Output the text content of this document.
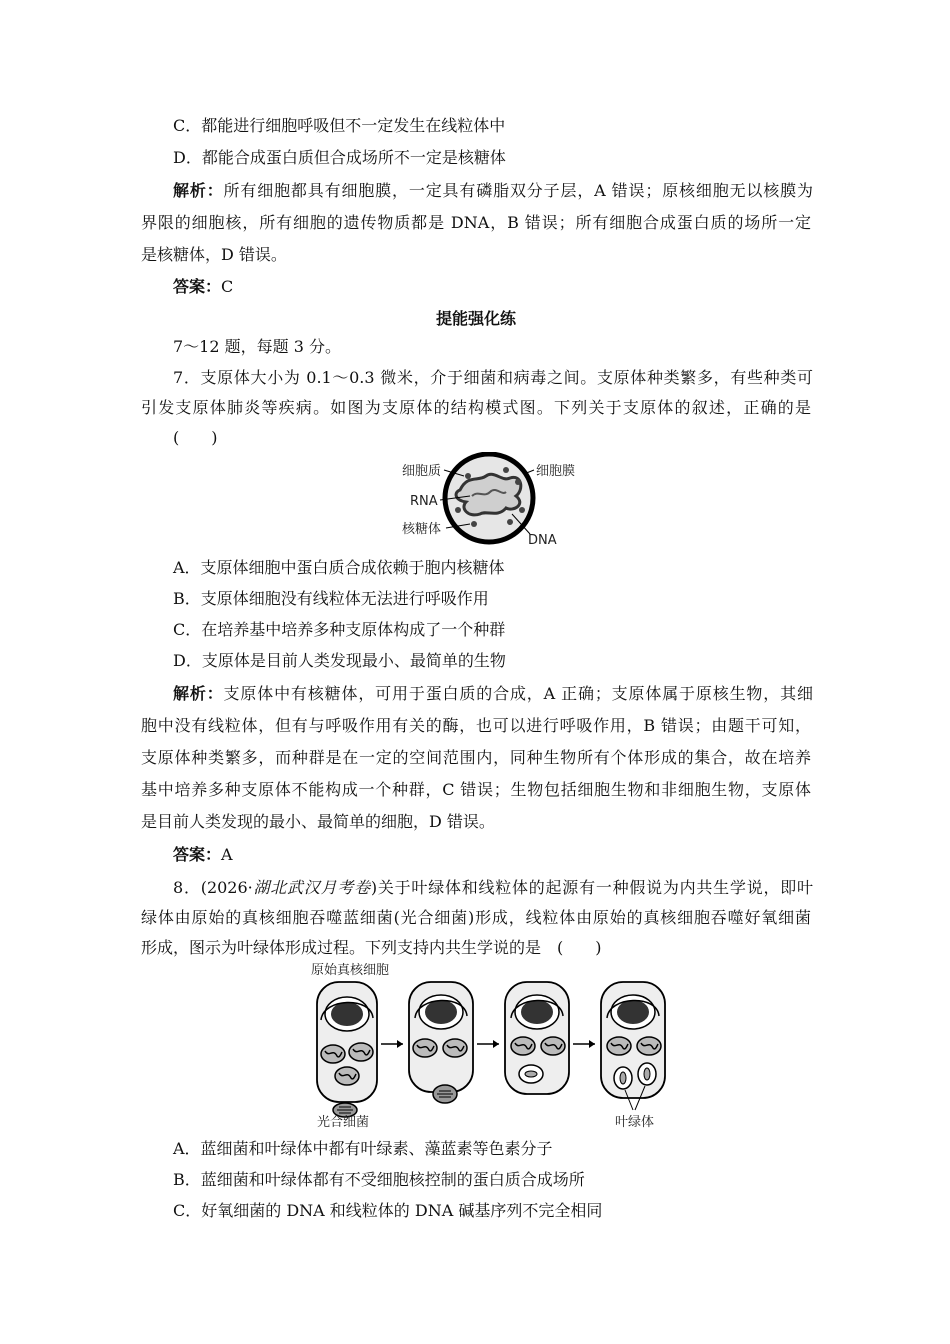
C．都能进行细胞呼吸但不一定发生在线粒体中
D．都能合成蛋白质但合成场所不一定是核糖体
解析：所有细胞都具有细胞膜，一定具有磷脂双分子层，A 错误；原核细胞无以核膜为
界限的细胞核，所有细胞的遗传物质都是 DNA，B 错误；所有细胞合成蛋白质的场所一定
是核糖体，D 错误。
答案：C
提能强化练
7～12 题，每题 3 分。
7．支原体大小为 0.1～0.3 微米，介于细菌和病毒之间。支原体种类繁多，有些种类可
引发支原体肺炎等疾病。如图为支原体的结构模式图。下列关于支原体的叙述，正确的是
(　　)
细胞质	细胞膜
RNA
核糖体
DNA
A．支原体细胞中蛋白质合成依赖于胞内核糖体
B．支原体细胞没有线粒体无法进行呼吸作用
C．在培养基中培养多种支原体构成了一个种群
D．支原体是目前人类发现最小、最简单的生物
解析：支原体中有核糖体，可用于蛋白质的合成，A 正确；支原体属于原核生物，其细
胞中没有线粒体，但有与呼吸作用有关的酶，也可以进行呼吸作用，B 错误；由题干可知，
支原体种类繁多，而种群是在一定的空间范围内，同种生物所有个体形成的集合，故在培养
基中培养多种支原体不能构成一个种群，C 错误；生物包括细胞生物和非细胞生物，支原体
是目前人类发现的最小、最简单的细胞，D 错误。
答案：A
8．(2026·湖北武汉月考卷)关于叶绿体和线粒体的起源有一种假说为内共生学说，即叶
绿体由原始的真核细胞吞噬蓝细菌(光合细菌)形成，线粒体由原始的真核细胞吞噬好氧细菌
形成，图示为叶绿体形成过程。下列支持内共生学说的是　(　　)
原始真核细胞
光合细菌	叶绿体
A．蓝细菌和叶绿体中都有叶绿素、藻蓝素等色素分子
B．蓝细菌和叶绿体都有不受细胞核控制的蛋白质合成场所
C．好氧细菌的 DNA 和线粒体的 DNA 碱基序列不完全相同
